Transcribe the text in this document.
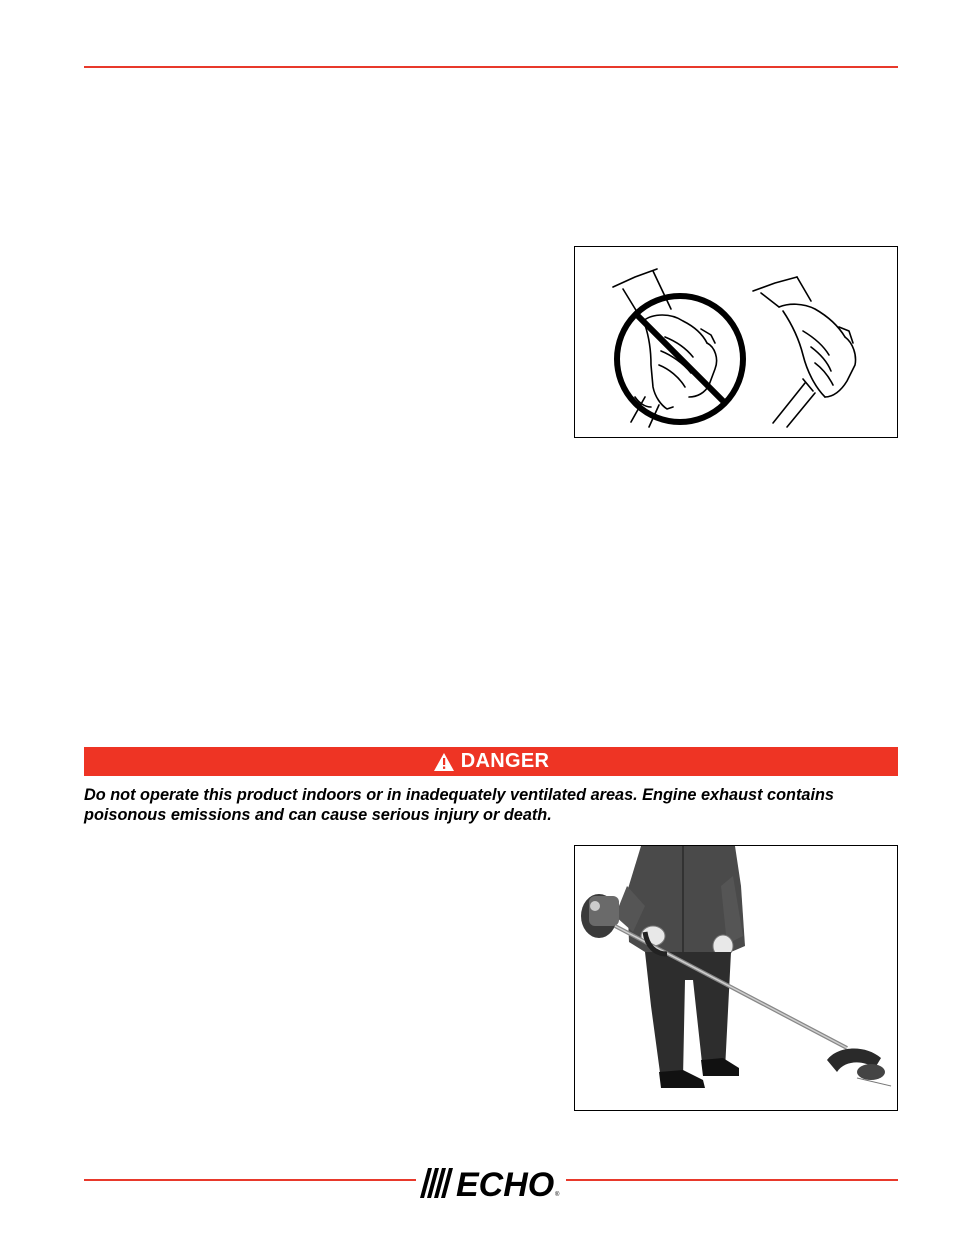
DANGER
Do not operate this product indoors or in inadequately ventilated areas. Engine exhaust contains poisonous emissions and can cause serious injury or death.
ECHO ®
